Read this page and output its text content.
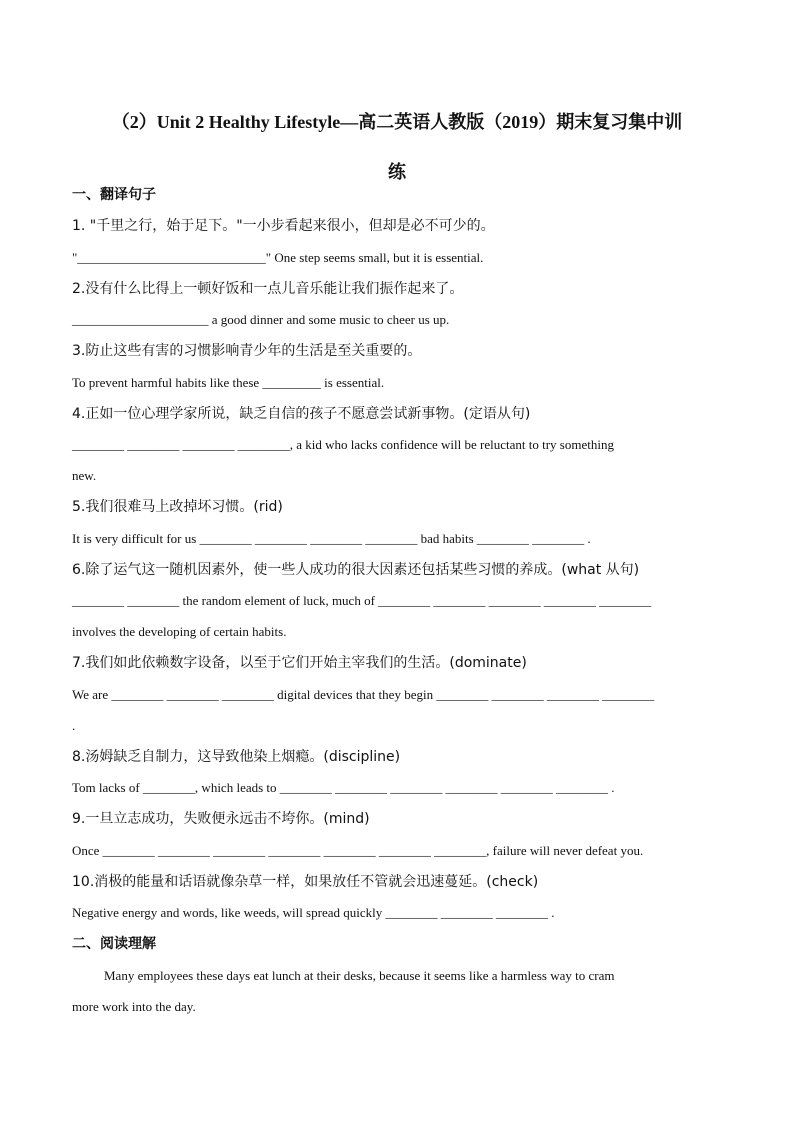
（2）Unit 2 Healthy Lifestyle—高二英语人教版（2019）期末复习集中训
练
一、翻译句子
1. "千里之行，始于足下。"一小步看起来很小，但却是必不可少的。
"_____________________________" One step seems small, but it is essential.
2.没有什么比得上一顿好饭和一点儿音乐能让我们振作起来了。
_____________________ a good dinner and some music to cheer us up.
3.防止这些有害的习惯影响青少年的生活是至关重要的。
To prevent harmful habits like these _________ is essential.
4.正如一位心理学家所说，缺乏自信的孩子不愿意尝试新事物。(定语从句)
________ ________ ________ ________, a kid who lacks confidence will be reluctant to try something
new.
5.我们很难马上改掉坏习惯。(rid)
It is very difficult for us ________ ________ ________ ________ bad habits ________ ________ .
6.除了运气这一随机因素外，使一些人成功的很大因素还包括某些习惯的养成。(what 从句)
________ ________ the random element of luck, much of ________ ________ ________ ________ ________
involves the developing of certain habits.
7.我们如此依赖数字设备，以至于它们开始主宰我们的生活。(dominate)
We are ________ ________ ________ digital devices that they begin ________ ________ ________ ________
.
8.汤姆缺乏自制力，这导致他染上烟瘾。(discipline)
Tom lacks of ________, which leads to ________ ________ ________ ________ ________ ________ .
9.一旦立志成功，失败便永远击不垮你。(mind)
Once ________ ________ ________ ________ ________ ________ ________, failure will never defeat you.
10.消极的能量和话语就像杂草一样，如果放任不管就会迅速蔓延。(check)
Negative energy and words, like weeds, will spread quickly ________ ________ ________ .
二、阅读理解
Many employees these days eat lunch at their desks, because it seems like a harmless way to cram
more work into the day.
